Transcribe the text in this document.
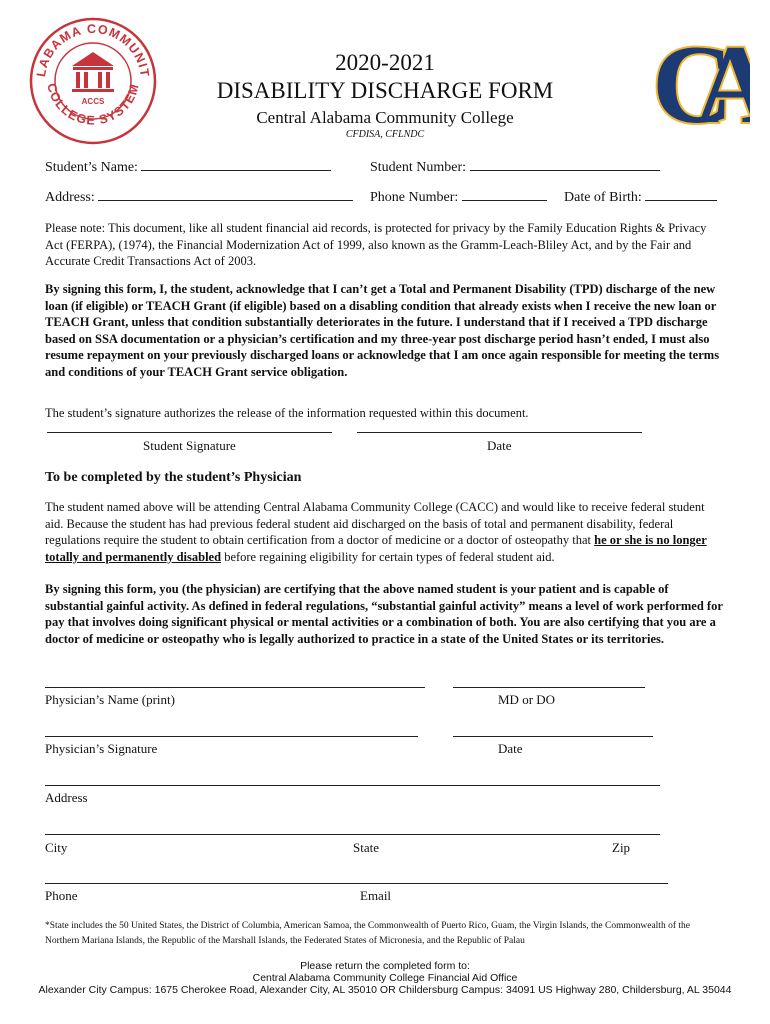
LABAMA COMMUNIT
COLLEGE SYSTEM
ACCS	CA
2020-2021
DISABILITY DISCHARGE FORM
Central Alabama Community College
CFDISA, CFLNDC
Student’s Name:	Student Number:
Address:	Phone Number:	Date of Birth:
Please note: This document, like all student financial aid records, is protected for privacy by the Family Education Rights & Privacy Act (FERPA), (1974), the Financial Modernization Act of 1999, also known as the Gramm-Leach-Bliley Act, and by the Fair and Accurate Credit Transactions Act of 2003.
By signing this form, I, the student, acknowledge that I can’t get a Total and Permanent Disability (TPD) discharge of the new loan (if eligible) or TEACH Grant (if eligible) based on a disabling condition that already exists when I receive the new loan or TEACH Grant, unless that condition substantially deteriorates in the future. I understand that if I received a TPD discharge based on SSA documentation or a physician’s certification and my three-year post discharge period hasn’t ended, I must also resume repayment on your previously discharged loans or acknowledge that I am once again responsible for meeting the terms and conditions of your TEACH Grant service obligation.
The student’s signature authorizes the release of the information requested within this document.
Student Signature	Date
To be completed by the student’s Physician
The student named above will be attending Central Alabama Community College (CACC) and would like to receive federal student aid. Because the student has had previous federal student aid discharged on the basis of total and permanent disability, federal regulations require the student to obtain certification from a doctor of medicine or a doctor of osteopathy that he or she is no longer totally and permanently disabled before regaining eligibility for certain types of federal student aid.
By signing this form, you (the physician) are certifying that the above named student is your patient and is capable of substantial gainful activity. As defined in federal regulations, “substantial gainful activity” means a level of work performed for pay that involves doing significant physical or mental activities or a combination of both. You are also certifying that you are a doctor of medicine or osteopathy who is legally authorized to practice in a state of the United States or its territories.
Physician’s Name (print)	MD or DO
Physician’s Signature	Date
Address
City	State	Zip
Phone	Email
*State includes the 50 United States, the District of Columbia, American Samoa, the Commonwealth of Puerto Rico, Guam, the Virgin Islands, the Commonwealth of the Northern Mariana Islands, the Republic of the Marshall Islands, the Federated States of Micronesia, and the Republic of Palau
Please return the completed form to:
Central Alabama Community College Financial Aid Office
Alexander City Campus: 1675 Cherokee Road, Alexander City, AL 35010 OR Childersburg Campus: 34091 US Highway 280, Childersburg, AL 35044
